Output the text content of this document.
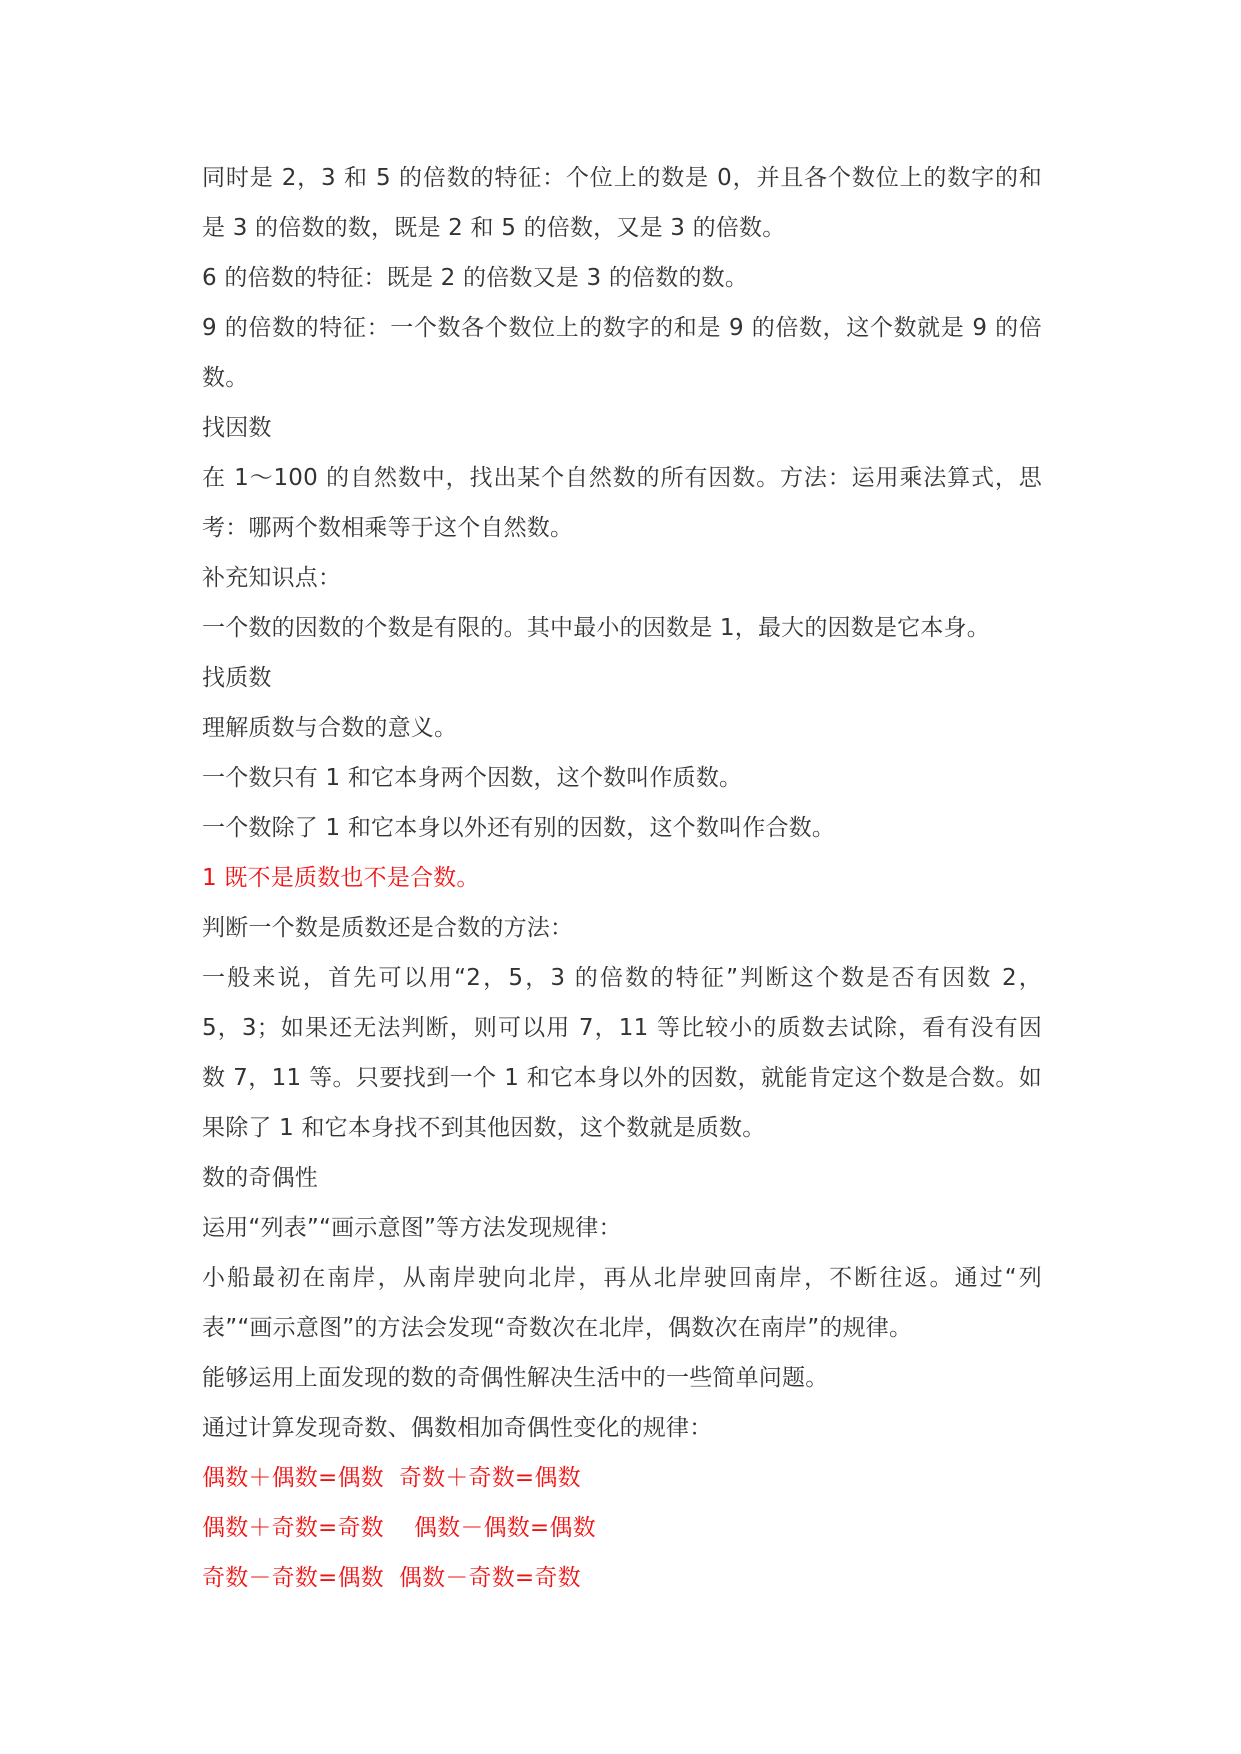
同时是 2，3 和 5 的倍数的特征：个位上的数是 0，并且各个数位上的数字的和
是 3 的倍数的数，既是 2 和 5 的倍数，又是 3 的倍数。
6 的倍数的特征：既是 2 的倍数又是 3 的倍数的数。
9 的倍数的特征：一个数各个数位上的数字的和是 9 的倍数，这个数就是 9 的倍
数。
找因数
在 1～100 的自然数中，找出某个自然数的所有因数。方法：运用乘法算式，思
考：哪两个数相乘等于这个自然数。
补充知识点：
一个数的因数的个数是有限的。其中最小的因数是 1，最大的因数是它本身。
找质数
理解质数与合数的意义。
一个数只有 1 和它本身两个因数，这个数叫作质数。
一个数除了 1 和它本身以外还有别的因数，这个数叫作合数。
1 既不是质数也不是合数。
判断一个数是质数还是合数的方法：
一般来说，首先可以用“2，5，3 的倍数的特征”判断这个数是否有因数 2，
5，3；如果还无法判断，则可以用 7，11 等比较小的质数去试除，看有没有因
数 7，11 等。只要找到一个 1 和它本身以外的因数，就能肯定这个数是合数。如
果除了 1 和它本身找不到其他因数，这个数就是质数。
数的奇偶性
运用“列表”“画示意图”等方法发现规律：
小船最初在南岸，从南岸驶向北岸，再从北岸驶回南岸，不断往返。通过“列
表”“画示意图”的方法会发现“奇数次在北岸，偶数次在南岸”的规律。
能够运用上面发现的数的奇偶性解决生活中的一些简单问题。
通过计算发现奇数、偶数相加奇偶性变化的规律：
偶数＋偶数=偶数  奇数＋奇数=偶数
偶数＋奇数=奇数    偶数－偶数=偶数
奇数－奇数=偶数  偶数－奇数=奇数
